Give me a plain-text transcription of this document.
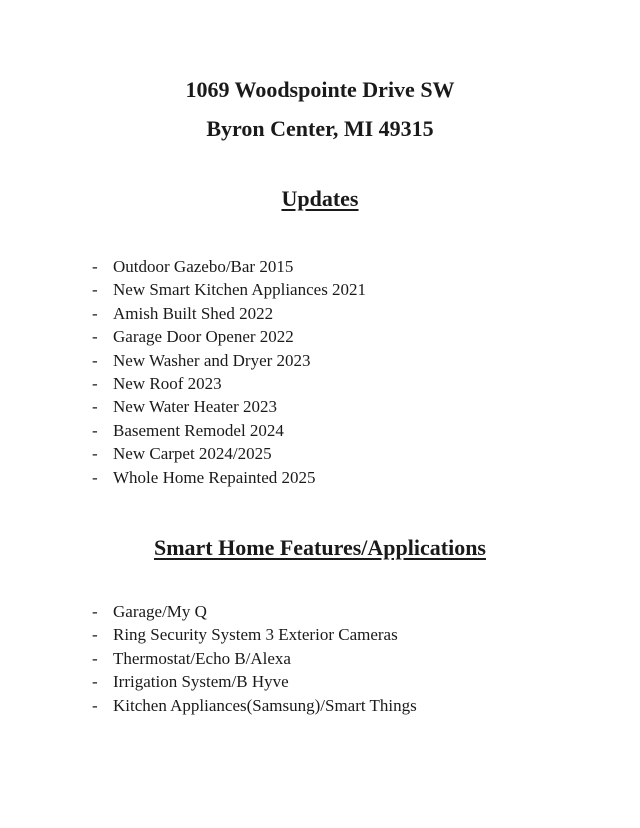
1069 Woodspointe Drive SW
Byron Center, MI 49315
Updates
- Outdoor Gazebo/Bar 2015
- New Smart Kitchen Appliances 2021
- Amish Built Shed 2022
- Garage Door Opener 2022
- New Washer and Dryer 2023
- New Roof 2023
- New Water Heater 2023
- Basement Remodel 2024
- New Carpet 2024/2025
- Whole Home Repainted 2025
Smart Home Features/Applications
- Garage/My Q
- Ring Security System 3 Exterior Cameras
- Thermostat/Echo B/Alexa
- Irrigation System/B Hyve
- Kitchen Appliances(Samsung)/Smart Things
